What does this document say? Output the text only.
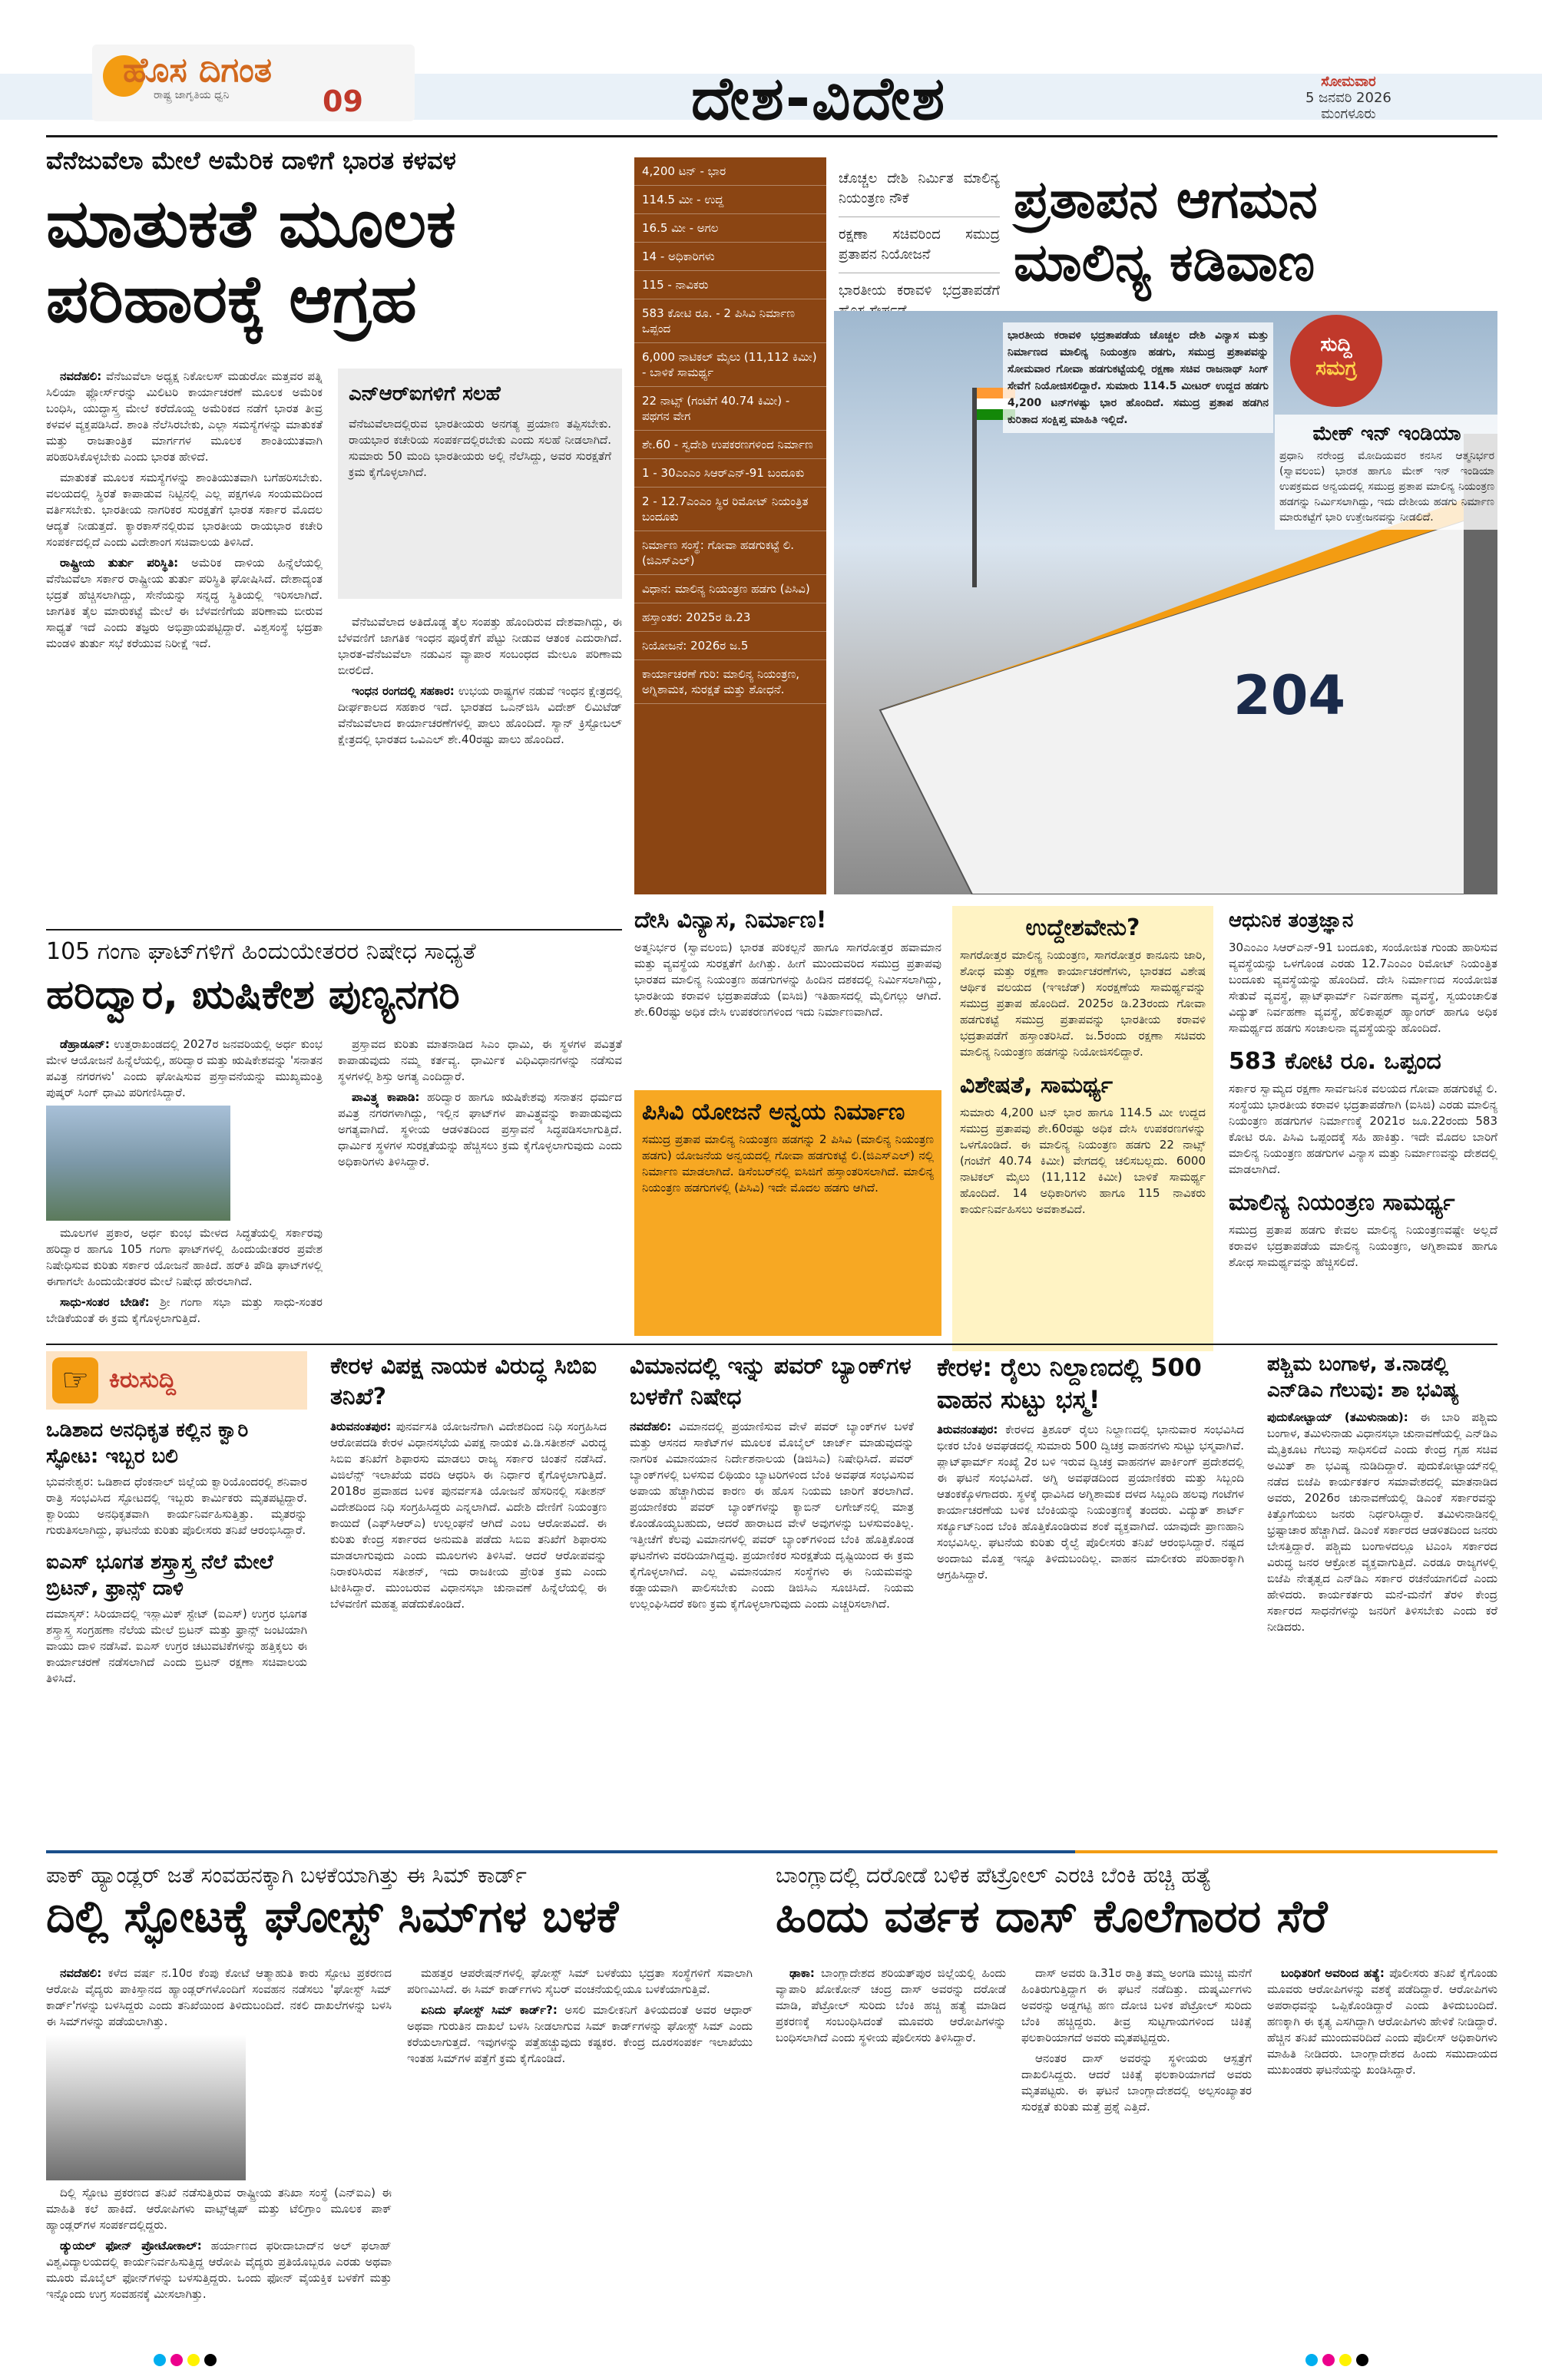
ಹೊಸ ದಿಗಂತ
ರಾಷ್ಟ್ರ ಜಾಗೃತಿಯ ಧ್ವನಿ	09	ದೇಶ-ವಿದೇಶ	ಸೋಮವಾರ
5 ಜನವರಿ 2026
ಮಂಗಳೂರು
ವೆನೆಜುವೆಲಾ ಮೇಲೆ ಅಮೆರಿಕ ದಾಳಿಗೆ ಭಾರತ ಕಳವಳ
ಮಾತುಕತೆ ಮೂಲಕ
ಪರಿಹಾರಕ್ಕೆ ಆಗ್ರಹ

ನವದೆಹಲಿ: ವೆನೆಜುವೆಲಾ ಅಧ್ಯಕ್ಷ ನಿಕೋಲಸ್ ಮಡುರೋ ಮತ್ತವರ ಪತ್ನಿ ಸಿಲಿಯಾ ಫ್ಲೋರ್ಸ್‌ರನ್ನು ಮಿಲಿಟರಿ ಕಾರ್ಯಾಚರಣೆ ಮೂಲಕ ಅಮೆರಿಕ ಬಂಧಿಸಿ, ಯುದ್ಧಾಸ್ತ್ರ ಮೇಲೆ ಕರೆದೊಯ್ದ ಅಮೆರಿಕದ ನಡೆಗೆ ಭಾರತ ತೀವ್ರ ಕಳವಳ ವ್ಯಕ್ತಪಡಿಸಿದೆ. ಶಾಂತಿ ನೆಲೆಸಿರಬೇಕು, ಎಲ್ಲಾ ಸಮಸ್ಯೆಗಳನ್ನು ಮಾತುಕತೆ ಮತ್ತು ರಾಜತಾಂತ್ರಿಕ ಮಾರ್ಗಗಳ ಮೂಲಕ ಶಾಂತಿಯುತವಾಗಿ ಪರಿಹರಿಸಿಕೊಳ್ಳಬೇಕು ಎಂದು ಭಾರತ ಹೇಳಿದೆ.

ಮಾತುಕತೆ ಮೂಲಕ ಸಮಸ್ಯೆಗಳನ್ನು ಶಾಂತಿಯುತವಾಗಿ ಬಗೆಹರಿಸಬೇಕು. ವಲಯದಲ್ಲಿ ಸ್ಥಿರತೆ ಕಾಪಾಡುವ ನಿಟ್ಟಿನಲ್ಲಿ ಎಲ್ಲ ಪಕ್ಷಗಳೂ ಸಂಯಮದಿಂದ ವರ್ತಿಸಬೇಕು. ಭಾರತೀಯ ನಾಗರಿಕರ ಸುರಕ್ಷತೆಗೆ ಭಾರತ ಸರ್ಕಾರ ಮೊದಲ ಆದ್ಯತೆ ನೀಡುತ್ತದೆ. ಕ್ಯಾರಕಾಸ್‌ನಲ್ಲಿರುವ ಭಾರತೀಯ ರಾಯಭಾರ ಕಚೇರಿ ಸಂಪರ್ಕದಲ್ಲಿದೆ ಎಂದು ವಿದೇಶಾಂಗ ಸಚಿವಾಲಯ ತಿಳಿಸಿದೆ.

ರಾಷ್ಟ್ರೀಯ ತುರ್ತು ಪರಿಸ್ಥಿತಿ: ಅಮೆರಿಕ ದಾಳಿಯ ಹಿನ್ನೆಲೆಯಲ್ಲಿ ವೆನೆಜುವೆಲಾ ಸರ್ಕಾರ ರಾಷ್ಟ್ರೀಯ ತುರ್ತು ಪರಿಸ್ಥಿತಿ ಘೋಷಿಸಿದೆ. ದೇಶಾದ್ಯಂತ ಭದ್ರತೆ ಹೆಚ್ಚಿಸಲಾಗಿದ್ದು, ಸೇನೆಯನ್ನು ಸನ್ನದ್ಧ ಸ್ಥಿತಿಯಲ್ಲಿ ಇರಿಸಲಾಗಿದೆ. ಜಾಗತಿಕ ತೈಲ ಮಾರುಕಟ್ಟೆ ಮೇಲೆ ಈ ಬೆಳವಣಿಗೆಯ ಪರಿಣಾಮ ಬೀರುವ ಸಾಧ್ಯತೆ ಇದೆ ಎಂದು ತಜ್ಞರು ಅಭಿಪ್ರಾಯಪಟ್ಟಿದ್ದಾರೆ. ವಿಶ್ವಸಂಸ್ಥೆ ಭದ್ರತಾ ಮಂಡಳಿ ತುರ್ತು ಸಭೆ ಕರೆಯುವ ನಿರೀಕ್ಷೆ ಇದೆ.

ಎನ್‌ಆರ್‌ಐಗಳಿಗೆ ಸಲಹೆ
ವೆನೆಜುವೆಲಾದಲ್ಲಿರುವ ಭಾರತೀಯರು ಅನಗತ್ಯ ಪ್ರಯಾಣ ತಪ್ಪಿಸಬೇಕು. ರಾಯಭಾರ ಕಚೇರಿಯ ಸಂಪರ್ಕದಲ್ಲಿರಬೇಕು ಎಂದು ಸಲಹೆ ನೀಡಲಾಗಿದೆ. ಸುಮಾರು 50 ಮಂದಿ ಭಾರತೀಯರು ಅಲ್ಲಿ ನೆಲೆಸಿದ್ದು, ಅವರ ಸುರಕ್ಷತೆಗೆ ಕ್ರಮ ಕೈಗೊಳ್ಳಲಾಗಿದೆ.

ವೆನೆಜುವೆಲಾದ ಅತಿದೊಡ್ಡ ತೈಲ ಸಂಪತ್ತು ಹೊಂದಿರುವ ದೇಶವಾಗಿದ್ದು, ಈ ಬೆಳವಣಿಗೆ ಜಾಗತಿಕ ಇಂಧನ ಪೂರೈಕೆಗೆ ಪೆಟ್ಟು ನೀಡುವ ಆತಂಕ ಎದುರಾಗಿದೆ. ಭಾರತ-ವೆನೆಜುವೆಲಾ ನಡುವಿನ ವ್ಯಾಪಾರ ಸಂಬಂಧದ ಮೇಲೂ ಪರಿಣಾಮ ಬೀರಲಿದೆ.

ಇಂಧನ ರಂಗದಲ್ಲಿ ಸಹಕಾರ: ಉಭಯ ರಾಷ್ಟ್ರಗಳ ನಡುವೆ ಇಂಧನ ಕ್ಷೇತ್ರದಲ್ಲಿ ದೀರ್ಘಕಾಲದ ಸಹಕಾರ ಇದೆ. ಭಾರತದ ಒಎನ್‌ಜಿಸಿ ವಿದೇಶ್ ಲಿಮಿಟೆಡ್ ವೆನೆಜುವೆಲಾದ ಕಾರ್ಯಾಚರಣೆಗಳಲ್ಲಿ ಪಾಲು ಹೊಂದಿದೆ. ಸ್ಯಾನ್ ಕ್ರಿಸ್ಟೋಬಲ್ ಕ್ಷೇತ್ರದಲ್ಲಿ ಭಾರತದ ಒವಿಎಲ್ ಶೇ.40ರಷ್ಟು ಪಾಲು ಹೊಂದಿದೆ.

4,200 ಟನ್ - ಭಾರ
114.5 ಮೀ - ಉದ್ದ
16.5 ಮೀ - ಅಗಲ
14 - ಅಧಿಕಾರಿಗಳು
115 - ನಾವಿಕರು
583 ಕೋಟಿ ರೂ. - 2 ಪಿಸಿವಿ ನಿರ್ಮಾಣ ಒಪ್ಪಂದ
6,000 ನಾಟಿಕಲ್ ಮೈಲು (11,112 ಕಿಮೀ) - ಬಾಳಿಕೆ ಸಾಮರ್ಥ್ಯ
22 ನಾಟ್ಸ್ (ಗಂಟೆಗೆ 40.74 ಕಿಮೀ) - ಪಥಗನ ವೇಗ
ಶೇ.60 - ಸ್ವದೇಶಿ ಉಪಕರಣಗಳಿಂದ ನಿರ್ಮಾಣ
1 - 30ಎಂಎಂ ಸಿಆರ್‌ಎನ್-91 ಬಂದೂಕು
2 - 12.7ಎಂಎಂ ಸ್ಥಿರ ರಿಮೋಟ್ ನಿಯಂತ್ರಿತ ಬಂದೂಕು
ನಿರ್ಮಾಣ ಸಂಸ್ಥೆ: ಗೋವಾ ಹಡಗುಕಟ್ಟೆ ಲಿ. (ಜಿಎಸ್‌ಎಲ್)
ವಿಧಾನ: ಮಾಲಿನ್ಯ ನಿಯಂತ್ರಣ ಹಡಗು (ಪಿಸಿವಿ)
ಹಸ್ತಾಂತರ: 2025ರ ಡಿ.23
ನಿಯೋಜನೆ: 2026ರ ಜ.5
ಕಾರ್ಯಾಚರಣೆ ಗುರಿ: ಮಾಲಿನ್ಯ ನಿಯಂತ್ರಣ, ಅಗ್ನಿಶಾಮಕ, ಸುರಕ್ಷತೆ ಮತ್ತು ಶೋಧನೆ.
ಚೊಚ್ಚಲ ದೇಶಿ ನಿರ್ಮಿತ ಮಾಲಿನ್ಯ ನಿಯಂತ್ರಣ ನೌಕೆ
ರಕ್ಷಣಾ ಸಚಿವರಿಂದ ಸಮುದ್ರ ಪ್ರತಾಪನ ನಿಯೋಜನೆ
ಭಾರತೀಯ ಕರಾವಳಿ ಭದ್ರತಾಪಡೆಗೆ
ಪ್ರತಾಪನ ಆಗಮನ
ಮಾಲಿನ್ಯ ಕಡಿವಾಣ
204
ಭಾರತೀಯ ಕರಾವಳಿ ಭದ್ರತಾಪಡೆಯ ಚೊಚ್ಚಲ ದೇಶಿ ವಿನ್ಯಾಸ ಮತ್ತು ನಿರ್ಮಾಣದ ಮಾಲಿನ್ಯ ನಿಯಂತ್ರಣ ಹಡಗು, ಸಮುದ್ರ ಪ್ರತಾಪವನ್ನು ಸೋಮವಾರ ಗೋವಾ ಹಡಗುಕಟ್ಟೆಯಲ್ಲಿ ರಕ್ಷಣಾ ಸಚಿವ ರಾಜನಾಥ್ ಸಿಂಗ್ ಸೇವೆಗೆ ನಿಯೋಜಿಸಲಿದ್ದಾರೆ. ಸುಮಾರು 114.5 ಮೀಟರ್ ಉದ್ದದ ಹಡಗು 4,200 ಟನ್‌ಗಳಷ್ಟು ಭಾರ ಹೊಂದಿದೆ. ಸಮುದ್ರ ಪ್ರತಾಪ ಹಡಗಿನ ಕುರಿತಾದ ಸಂಕ್ಷಿಪ್ತ ಮಾಹಿತಿ ಇಲ್ಲಿದೆ.
ಸುದ್ದಿ
ಸಮಗ್ರ
ಮೇಕ್ ಇನ್ ಇಂಡಿಯಾ
ಪ್ರಧಾನಿ ನರೇಂದ್ರ ಮೋದಿಯವರ ಕನಸಿನ ಆತ್ಮನಿರ್ಭರ (ಸ್ವಾವಲಂಬಿ) ಭಾರತ ಹಾಗೂ ಮೇಕ್ ಇನ್ ಇಂಡಿಯಾ ಉಪಕ್ರಮದ ಅನ್ವಯದಲ್ಲಿ ಸಮುದ್ರ ಪ್ರತಾಪ ಮಾಲಿನ್ಯ ನಿಯಂತ್ರಣ ಹಡಗನ್ನು ನಿರ್ಮಿಸಲಾಗಿದ್ದು, ಇದು ದೇಶೀಯ ಹಡಗು ನಿರ್ಮಾಣ ಮಾರುಕಟ್ಟೆಗೆ ಭಾರಿ ಉತ್ತೇಜನವನ್ನು ನೀಡಲಿದೆ.
ದೇಸಿ ವಿನ್ಯಾಸ, ನಿರ್ಮಾಣ!
ಅತ್ಮನಿರ್ಭರ (ಸ್ವಾವಲಂಬಿ) ಭಾರತ ಪರಿಕಲ್ಪನೆ ಹಾಗೂ ಸಾಗರೋತ್ತರ ಹವಾಮಾನ ಮತ್ತು ವ್ಯವಸ್ಥೆಯ ಸುರಕ್ಷತೆಗೆ ಹೀಗಿತ್ತು. ಹೀಗೆ ಮುಂದುವರಿದ ಸಮುದ್ರ ಪ್ರತಾಪವು ಭಾರತದ ಮಾಲಿನ್ಯ ನಿಯಂತ್ರಣ ಹಡಗುಗಳನ್ನು ಹಿಂದಿನ ದಶಕದಲ್ಲಿ ನಿರ್ಮಿಸಲಾಗಿದ್ದು, ಭಾರತೀಯ ಕರಾವಳಿ ಭದ್ರತಾಪಡೆಯ (ಐಸಿಜಿ) ಇತಿಹಾಸದಲ್ಲಿ ಮೈಲಿಗಲ್ಲು ಆಗಿದೆ. ಶೇ.60ರಷ್ಟು ಅಧಿಕ ದೇಸಿ ಉಪಕರಣಗಳಿಂದ ಇದು ನಿರ್ಮಾಣವಾಗಿದೆ.
ಪಿಸಿವಿ ಯೋಜನೆ ಅನ್ವಯ ನಿರ್ಮಾಣ
ಸಮುದ್ರ ಪ್ರತಾಪ ಮಾಲಿನ್ಯ ನಿಯಂತ್ರಣ ಹಡಗನ್ನು 2 ಪಿಸಿವಿ (ಮಾಲಿನ್ಯ ನಿಯಂತ್ರಣ ಹಡಗು) ಯೋಜನೆಯ ಅನ್ವಯದಲ್ಲಿ ಗೋವಾ ಹಡಗುಕಟ್ಟೆ ಲಿ.(ಜಿಎಸ್‌ಎಲ್) ನಲ್ಲಿ ನಿರ್ಮಾಣ ಮಾಡಲಾಗಿದೆ. ಡಿಸೆಂಬರ್‌ನಲ್ಲಿ ಐಸಿಜಿಗೆ ಹಸ್ತಾಂತರಿಸಲಾಗಿದೆ. ಮಾಲಿನ್ಯ ನಿಯಂತ್ರಣ ಹಡಗುಗಳಲ್ಲಿ (ಪಿಸಿವಿ) ಇದೇ ಮೊದಲ ಹಡಗು ಆಗಿದೆ.
ಉದ್ದೇಶವೇನು?
ಸಾಗರೋತ್ತರ ಮಾಲಿನ್ಯ ನಿಯಂತ್ರಣ, ಸಾಗರೋತ್ತರ ಕಾನೂನು ಜಾರಿ, ಶೋಧ ಮತ್ತು ರಕ್ಷಣಾ ಕಾರ್ಯಾಚರಣೆಗಳು, ಭಾರತದ ವಿಶೇಷ ಆರ್ಥಿಕ ವಲಯದ (ಇಇಜೆಡ್) ಸಂರಕ್ಷಣೆಯ ಸಾಮರ್ಥ್ಯವನ್ನು ಸಮುದ್ರ ಪ್ರತಾಪ ಹೊಂದಿದೆ. 2025ರ ಡಿ.23ರಂದು ಗೋವಾ ಹಡಗುಕಟ್ಟೆ ಸಮುದ್ರ ಪ್ರತಾಪವನ್ನು ಭಾರತೀಯ ಕರಾವಳಿ ಭದ್ರತಾಪಡೆಗೆ ಹಸ್ತಾಂತರಿಸಿದೆ. ಜ.5ರಂದು ರಕ್ಷಣಾ ಸಚಿವರು ಮಾಲಿನ್ಯ ನಿಯಂತ್ರಣ ಹಡಗನ್ನು ನಿಯೋಜಿಸಲಿದ್ದಾರೆ.
ವಿಶೇಷತೆ, ಸಾಮರ್ಥ್ಯ
ಸುಮಾರು 4,200 ಟನ್ ಭಾರ ಹಾಗೂ 114.5 ಮೀ ಉದ್ದದ ಸಮುದ್ರ ಪ್ರತಾಪವು ಶೇ.60ರಷ್ಟು ಅಧಿಕ ದೇಸಿ ಉಪಕರಣಗಳನ್ನು ಒಳಗೊಂಡಿದೆ. ಈ ಮಾಲಿನ್ಯ ನಿಯಂತ್ರಣ ಹಡಗು 22 ನಾಟ್ಸ್ (ಗಂಟೆಗೆ 40.74 ಕಿಮೀ) ವೇಗದಲ್ಲಿ ಚಲಿಸಬಲ್ಲದು. 6000 ನಾಟಿಕಲ್ ಮೈಲು (11,112 ಕಿಮೀ) ಬಾಳಿಕೆ ಸಾಮರ್ಥ್ಯ ಹೊಂದಿದೆ. 14 ಅಧಿಕಾರಿಗಳು ಹಾಗೂ 115 ನಾವಿಕರು ಕಾರ್ಯನಿರ್ವಹಿಸಲು ಅವಕಾಶವಿದೆ.
ಆಧುನಿಕ ತಂತ್ರಜ್ಞಾನ
30ಎಂಎಂ ಸಿಆರ್‌ಎನ್-91 ಬಂದೂಕು, ಸಂಯೋಜಿತ ಗುಂಡು ಹಾರಿಸುವ ವ್ಯವಸ್ಥೆಯನ್ನು ಒಳಗೊಂಡ ಎರಡು 12.7ಎಂಎಂ ರಿಮೋಟ್ ನಿಯಂತ್ರಿತ ಬಂದೂಕು ವ್ಯವಸ್ಥೆಯನ್ನು ಹೊಂದಿದೆ. ದೇಸಿ ನಿರ್ಮಾಣದ ಸಂಯೋಜಿತ ಸೇತುವೆ ವ್ಯವಸ್ಥೆ, ಪ್ಲಾಟ್‌ಫಾರ್ಮ್ ನಿರ್ವಹಣಾ ವ್ಯವಸ್ಥೆ, ಸ್ವಯಂಚಾಲಿತ ವಿದ್ಯುತ್ ನಿರ್ವಹಣಾ ವ್ಯವಸ್ಥೆ, ಹೆಲಿಕಾಪ್ಟರ್ ಹ್ಯಾಂಗರ್ ಹಾಗೂ ಅಧಿಕ ಸಾಮರ್ಥ್ಯದ ಹಡಗು ಸಂಚಾಲನಾ ವ್ಯವಸ್ಥೆಯನ್ನು ಹೊಂದಿದೆ.
583 ಕೋಟಿ ರೂ. ಒಪ್ಪಂದ
ಸರ್ಕಾರ ಸ್ವಾಮ್ಯದ ರಕ್ಷಣಾ ಸಾರ್ವಜನಿಕ ವಲಯದ ಗೋವಾ ಹಡಗುಕಟ್ಟೆ ಲಿ. ಸಂಸ್ಥೆಯು ಭಾರತೀಯ ಕರಾವಳಿ ಭದ್ರತಾಪಡೆಗಾಗಿ (ಐಸಿಜಿ) ಎರಡು ಮಾಲಿನ್ಯ ನಿಯಂತ್ರಣ ಹಡಗುಗಳ ನಿರ್ಮಾಣಕ್ಕೆ 2021ರ ಜೂ.22ರಂದು 583 ಕೋಟಿ ರೂ. ಪಿಸಿವಿ ಒಪ್ಪಂದಕ್ಕೆ ಸಹಿ ಹಾಕಿತ್ತು. ಇದೇ ಮೊದಲ ಬಾರಿಗೆ ಮಾಲಿನ್ಯ ನಿಯಂತ್ರಣ ಹಡಗುಗಳ ವಿನ್ಯಾಸ ಮತ್ತು ನಿರ್ಮಾಣವನ್ನು ದೇಶದಲ್ಲಿ ಮಾಡಲಾಗಿದೆ.
ಮಾಲಿನ್ಯ ನಿಯಂತ್ರಣ ಸಾಮರ್ಥ್ಯ
ಸಮುದ್ರ ಪ್ರತಾಪ ಹಡಗು ಕೇವಲ ಮಾಲಿನ್ಯ ನಿಯಂತ್ರಣವಷ್ಟೇ ಅಲ್ಲದೆ ಕರಾವಳಿ ಭದ್ರತಾಪಡೆಯ ಮಾಲಿನ್ಯ ನಿಯಂತ್ರಣ, ಅಗ್ನಿಶಾಮಕ ಹಾಗೂ ಶೋಧ ಸಾಮರ್ಥ್ಯವನ್ನು ಹೆಚ್ಚಿಸಲಿದೆ.
105 ಗಂಗಾ ಘಾಟ್‌ಗಳಿಗೆ ಹಿಂದುಯೇತರರ ನಿಷೇಧ ಸಾಧ್ಯತೆ
ಹರಿದ್ವಾರ, ಋಷಿಕೇಶ ಪುಣ್ಯನಗರಿ

ಡೆಹ್ರಾಡೂನ್: ಉತ್ತರಾಖಂಡದಲ್ಲಿ 2027ರ ಜನವರಿಯಲ್ಲಿ ಅರ್ಧ ಕುಂಭ ಮೇಳ ಆಯೋಜನೆ ಹಿನ್ನೆಲೆಯಲ್ಲಿ, ಹರಿದ್ವಾರ ಮತ್ತು ಋಷಿಕೇಶವನ್ನು 'ಸನಾತನ ಪವಿತ್ರ ನಗರಗಳು' ಎಂದು ಘೋಷಿಸುವ ಪ್ರಸ್ತಾವನೆಯನ್ನು ಮುಖ್ಯಮಂತ್ರಿ ಪುಷ್ಕರ್ ಸಿಂಗ್ ಧಾಮಿ ಪರಿಗಣಿಸಿದ್ದಾರೆ.

ಮೂಲಗಳ ಪ್ರಕಾರ, ಅರ್ಧ ಕುಂಭ ಮೇಳದ ಸಿದ್ಧತೆಯಲ್ಲಿ ಸರ್ಕಾರವು ಹರಿದ್ವಾರ ಹಾಗೂ 105 ಗಂಗಾ ಘಾಟ್‌ಗಳಲ್ಲಿ ಹಿಂದುಯೇತರರ ಪ್ರವೇಶ ನಿಷೇಧಿಸುವ ಕುರಿತು ಸರ್ಕಾರ ಯೋಜನೆ ಹಾಕಿದೆ. ಹರ್‌ಕಿ ಪೌಡಿ ಘಾಟ್‌ಗಳಲ್ಲಿ ಈಗಾಗಲೇ ಹಿಂದುಯೇತರರ ಮೇಲೆ ನಿಷೇಧ ಹೇರಲಾಗಿದೆ.

ಸಾಧು-ಸಂತರ ಬೇಡಿಕೆ: ಶ್ರೀ ಗಂಗಾ ಸಭಾ ಮತ್ತು ಸಾಧು-ಸಂತರ ಬೇಡಿಕೆಯಂತೆ ಈ ಕ್ರಮ ಕೈಗೊಳ್ಳಲಾಗುತ್ತಿದೆ.

ಪ್ರಸ್ತಾವದ ಕುರಿತು ಮಾತನಾಡಿದ ಸಿಎಂ ಧಾಮಿ, ಈ ಸ್ಥಳಗಳ ಪವಿತ್ರತೆ ಕಾಪಾಡುವುದು ನಮ್ಮ ಕರ್ತವ್ಯ. ಧಾರ್ಮಿಕ ವಿಧಿವಿಧಾನಗಳನ್ನು ನಡೆಸುವ ಸ್ಥಳಗಳಲ್ಲಿ ಶಿಸ್ತು ಅಗತ್ಯ ಎಂದಿದ್ದಾರೆ.

ಪಾವಿತ್ರ್ಯ ಕಾಪಾಡಿ: ಹರಿದ್ವಾರ ಹಾಗೂ ಋಷಿಕೇಶವು ಸನಾತನ ಧರ್ಮದ ಪವಿತ್ರ ನಗರಗಳಾಗಿದ್ದು, ಇಲ್ಲಿನ ಘಾಟ್‌ಗಳ ಪಾವಿತ್ರ್ಯವನ್ನು ಕಾಪಾಡುವುದು ಅಗತ್ಯವಾಗಿದೆ. ಸ್ಥಳೀಯ ಆಡಳಿತದಿಂದ ಪ್ರಸ್ತಾವನೆ ಸಿದ್ಧಪಡಿಸಲಾಗುತ್ತಿದೆ. ಧಾರ್ಮಿಕ ಸ್ಥಳಗಳ ಸುರಕ್ಷತೆಯನ್ನು ಹೆಚ್ಚಿಸಲು ಕ್ರಮ ಕೈಗೊಳ್ಳಲಾಗುವುದು ಎಂದು ಅಧಿಕಾರಿಗಳು ತಿಳಿಸಿದ್ದಾರೆ.

☞ ಕಿರುಸುದ್ದಿ
ಒಡಿಶಾದ ಅನಧಿಕೃತ ಕಲ್ಲಿನ ಕ್ವಾರಿ ಸ್ಫೋಟ: ಇಬ್ಬರ ಬಲಿ
ಭುವನೇಶ್ವರ: ಒಡಿಶಾದ ಧೆಂಕನಾಲ್ ಜಿಲ್ಲೆಯ ಕ್ವಾರಿಯೊಂದರಲ್ಲಿ ಶನಿವಾರ ರಾತ್ರಿ ಸಂಭವಿಸಿದ ಸ್ಫೋಟದಲ್ಲಿ ಇಬ್ಬರು ಕಾರ್ಮಿಕರು ಮೃತಪಟ್ಟಿದ್ದಾರೆ. ಕ್ವಾರಿಯು ಅನಧಿಕೃತವಾಗಿ ಕಾರ್ಯನಿರ್ವಹಿಸುತ್ತಿತ್ತು. ಮೃತರನ್ನು ಗುರುತಿಸಲಾಗಿದ್ದು, ಘಟನೆಯ ಕುರಿತು ಪೊಲೀಸರು ತನಿಖೆ ಆರಂಭಿಸಿದ್ದಾರೆ.
ಐಎಸ್ ಭೂಗತ ಶಸ್ತ್ರಾಸ್ತ್ರ ನೆಲೆ ಮೇಲೆ ಬ್ರಿಟನ್, ಫ್ರಾನ್ಸ್ ದಾಳಿ
ದಮಾಸ್ಕಸ್: ಸಿರಿಯಾದಲ್ಲಿ ಇಸ್ಲಾಮಿಕ್ ಸ್ಟೇಟ್ (ಐಎಸ್) ಉಗ್ರರ ಭೂಗತ ಶಸ್ತ್ರಾಸ್ತ್ರ ಸಂಗ್ರಹಣಾ ನೆಲೆಯ ಮೇಲೆ ಬ್ರಿಟನ್ ಮತ್ತು ಫ್ರಾನ್ಸ್ ಜಂಟಿಯಾಗಿ ವಾಯು ದಾಳಿ ನಡೆಸಿವೆ. ಐಎಸ್ ಉಗ್ರರ ಚಟುವಟಿಕೆಗಳನ್ನು ಹತ್ತಿಕ್ಕಲು ಈ ಕಾರ್ಯಾಚರಣೆ ನಡೆಸಲಾಗಿದೆ ಎಂದು ಬ್ರಿಟನ್ ರಕ್ಷಣಾ ಸಚಿವಾಲಯ ತಿಳಿಸಿದೆ.
ಕೇರಳ ವಿಪಕ್ಷ ನಾಯಕ ವಿರುದ್ಧ ಸಿಬಿಐ ತನಿಖೆ?
ತಿರುವನಂತಪುರ: ಪುನರ್ವಸತಿ ಯೋಜನೆಗಾಗಿ ವಿದೇಶದಿಂದ ನಿಧಿ ಸಂಗ್ರಹಿಸಿದ ಆರೋಪದಡಿ ಕೇರಳ ವಿಧಾನಸಭೆಯ ವಿಪಕ್ಷ ನಾಯಕ ವಿ.ಡಿ.ಸತೀಶನ್ ವಿರುದ್ಧ ಸಿಬಿಐ ತನಿಖೆಗೆ ಶಿಫಾರಸು ಮಾಡಲು ರಾಜ್ಯ ಸರ್ಕಾರ ಚಿಂತನೆ ನಡೆಸಿದೆ. ವಿಜಿಲೆನ್ಸ್ ಇಲಾಖೆಯ ವರದಿ ಆಧರಿಸಿ ಈ ನಿರ್ಧಾರ ಕೈಗೊಳ್ಳಲಾಗುತ್ತಿದೆ. 2018ರ ಪ್ರವಾಹದ ಬಳಿಕ ಪುನರ್ವಸತಿ ಯೋಜನೆ ಹೆಸರಿನಲ್ಲಿ ಸತೀಶನ್ ವಿದೇಶದಿಂದ ನಿಧಿ ಸಂಗ್ರಹಿಸಿದ್ದರು ಎನ್ನಲಾಗಿದೆ. ವಿದೇಶಿ ದೇಣಿಗೆ ನಿಯಂತ್ರಣ ಕಾಯಿದೆ (ಎಫ್‌ಸಿಆರ್‌ಎ) ಉಲ್ಲಂಘನೆ ಆಗಿದೆ ಎಂಬ ಆರೋಪವಿದೆ. ಈ ಕುರಿತು ಕೇಂದ್ರ ಸರ್ಕಾರದ ಅನುಮತಿ ಪಡೆದು ಸಿಬಿಐ ತನಿಖೆಗೆ ಶಿಫಾರಸು ಮಾಡಲಾಗುವುದು ಎಂದು ಮೂಲಗಳು ತಿಳಿಸಿವೆ. ಆದರೆ ಆರೋಪವನ್ನು ನಿರಾಕರಿಸಿರುವ ಸತೀಶನ್, ಇದು ರಾಜಕೀಯ ಪ್ರೇರಿತ ಕ್ರಮ ಎಂದು ಟೀಕಿಸಿದ್ದಾರೆ. ಮುಂಬರುವ ವಿಧಾನಸಭಾ ಚುನಾವಣೆ ಹಿನ್ನೆಲೆಯಲ್ಲಿ ಈ ಬೆಳವಣಿಗೆ ಮಹತ್ವ ಪಡೆದುಕೊಂಡಿದೆ.
ವಿಮಾನದಲ್ಲಿ ಇನ್ನು ಪವರ್ ಬ್ಯಾಂಕ್‌ಗಳ ಬಳಕೆಗೆ ನಿಷೇಧ
ನವದೆಹಲಿ: ವಿಮಾನದಲ್ಲಿ ಪ್ರಯಾಣಿಸುವ ವೇಳೆ ಪವರ್ ಬ್ಯಾಂಕ್‌ಗಳ ಬಳಕೆ ಮತ್ತು ಆಸನದ ಸಾಕೆಟ್‌ಗಳ ಮೂಲಕ ಮೊಬೈಲ್ ಚಾರ್ಜ್ ಮಾಡುವುದನ್ನು ನಾಗರಿಕ ವಿಮಾನಯಾನ ನಿರ್ದೇಶನಾಲಯ (ಡಿಜಿಸಿಎ) ನಿಷೇಧಿಸಿದೆ. ಪವರ್ ಬ್ಯಾಂಕ್‌ಗಳಲ್ಲಿ ಬಳಸುವ ಲಿಥಿಯಂ ಬ್ಯಾಟರಿಗಳಿಂದ ಬೆಂಕಿ ಅವಘಡ ಸಂಭವಿಸುವ ಅಪಾಯ ಹೆಚ್ಚಾಗಿರುವ ಕಾರಣ ಈ ಹೊಸ ನಿಯಮ ಜಾರಿಗೆ ತರಲಾಗಿದೆ. ಪ್ರಯಾಣಿಕರು ಪವರ್ ಬ್ಯಾಂಕ್‌ಗಳನ್ನು ಕ್ಯಾಬಿನ್ ಲಗೇಜ್‌ನಲ್ಲಿ ಮಾತ್ರ ಕೊಂಡೊಯ್ಯಬಹುದು, ಆದರೆ ಹಾರಾಟದ ವೇಳೆ ಅವುಗಳನ್ನು ಬಳಸುವಂತಿಲ್ಲ. ಇತ್ತೀಚೆಗೆ ಕೆಲವು ವಿಮಾನಗಳಲ್ಲಿ ಪವರ್ ಬ್ಯಾಂಕ್‌ಗಳಿಂದ ಬೆಂಕಿ ಹೊತ್ತಿಕೊಂಡ ಘಟನೆಗಳು ವರದಿಯಾಗಿದ್ದವು. ಪ್ರಯಾಣಿಕರ ಸುರಕ್ಷತೆಯ ದೃಷ್ಟಿಯಿಂದ ಈ ಕ್ರಮ ಕೈಗೊಳ್ಳಲಾಗಿದೆ. ಎಲ್ಲ ವಿಮಾನಯಾನ ಸಂಸ್ಥೆಗಳು ಈ ನಿಯಮವನ್ನು ಕಡ್ಡಾಯವಾಗಿ ಪಾಲಿಸಬೇಕು ಎಂದು ಡಿಜಿಸಿಎ ಸೂಚಿಸಿದೆ. ನಿಯಮ ಉಲ್ಲಂಘಿಸಿದರೆ ಕಠಿಣ ಕ್ರಮ ಕೈಗೊಳ್ಳಲಾಗುವುದು ಎಂದು ಎಚ್ಚರಿಸಲಾಗಿದೆ.
ಕೇರಳ: ರೈಲು ನಿಲ್ದಾಣದಲ್ಲಿ 500 ವಾಹನ ಸುಟ್ಟು ಭಸ್ಮ!
ತಿರುವನಂತಪುರ: ಕೇರಳದ ತ್ರಿಶೂರ್ ರೈಲು ನಿಲ್ದಾಣದಲ್ಲಿ ಭಾನುವಾರ ಸಂಭವಿಸಿದ ಭೀಕರ ಬೆಂಕಿ ಅವಘಡದಲ್ಲಿ ಸುಮಾರು 500 ದ್ವಿಚಕ್ರ ವಾಹನಗಳು ಸುಟ್ಟು ಭಸ್ಮವಾಗಿವೆ. ಪ್ಲಾಟ್‌ಫಾರ್ಮ್ ಸಂಖ್ಯೆ 2ರ ಬಳಿ ಇರುವ ದ್ವಿಚಕ್ರ ವಾಹನಗಳ ಪಾರ್ಕಿಂಗ್ ಪ್ರದೇಶದಲ್ಲಿ ಈ ಘಟನೆ ಸಂಭವಿಸಿದೆ. ಅಗ್ನಿ ಅವಘಡದಿಂದ ಪ್ರಯಾಣಿಕರು ಮತ್ತು ಸಿಬ್ಬಂದಿ ಆತಂಕಕ್ಕೊಳಗಾದರು. ಸ್ಥಳಕ್ಕೆ ಧಾವಿಸಿದ ಅಗ್ನಿಶಾಮಕ ದಳದ ಸಿಬ್ಬಂದಿ ಹಲವು ಗಂಟೆಗಳ ಕಾರ್ಯಾಚರಣೆಯ ಬಳಿಕ ಬೆಂಕಿಯನ್ನು ನಿಯಂತ್ರಣಕ್ಕೆ ತಂದರು. ವಿದ್ಯುತ್ ಶಾರ್ಟ್ ಸರ್ಕ್ಯೂಟ್‌ನಿಂದ ಬೆಂಕಿ ಹೊತ್ತಿಕೊಂಡಿರುವ ಶಂಕೆ ವ್ಯಕ್ತವಾಗಿದೆ. ಯಾವುದೇ ಪ್ರಾಣಹಾನಿ ಸಂಭವಿಸಿಲ್ಲ. ಘಟನೆಯ ಕುರಿತು ರೈಲ್ವೆ ಪೊಲೀಸರು ತನಿಖೆ ಆರಂಭಿಸಿದ್ದಾರೆ. ನಷ್ಟದ ಅಂದಾಜು ಮೊತ್ತ ಇನ್ನೂ ತಿಳಿದುಬಂದಿಲ್ಲ. ವಾಹನ ಮಾಲೀಕರು ಪರಿಹಾರಕ್ಕಾಗಿ ಆಗ್ರಹಿಸಿದ್ದಾರೆ.
ಪಶ್ಚಿಮ ಬಂಗಾಳ, ತ.ನಾಡಲ್ಲಿ ಎನ್‌ಡಿಎ ಗೆಲುವು: ಶಾ ಭವಿಷ್ಯ
ಪುದುಕೋಟ್ಟಾಯ್ (ತಮಿಳುನಾಡು): ಈ ಬಾರಿ ಪಶ್ಚಿಮ ಬಂಗಾಳ, ತಮಿಳುನಾಡು ವಿಧಾನಸಭಾ ಚುನಾವಣೆಯಲ್ಲಿ ಎನ್‌ಡಿಎ ಮೈತ್ರಿಕೂಟ ಗೆಲುವು ಸಾಧಿಸಲಿದೆ ಎಂದು ಕೇಂದ್ರ ಗೃಹ ಸಚಿವ ಅಮಿತ್ ಶಾ ಭವಿಷ್ಯ ನುಡಿದಿದ್ದಾರೆ. ಪುದುಕೋಟ್ಟಾಯ್‌ನಲ್ಲಿ ನಡೆದ ಬಿಜೆಪಿ ಕಾರ್ಯಕರ್ತರ ಸಮಾವೇಶದಲ್ಲಿ ಮಾತನಾಡಿದ ಅವರು, 2026ರ ಚುನಾವಣೆಯಲ್ಲಿ ಡಿಎಂಕೆ ಸರ್ಕಾರವನ್ನು ಕಿತ್ತೊಗೆಯಲು ಜನರು ನಿರ್ಧರಿಸಿದ್ದಾರೆ. ತಮಿಳುನಾಡಿನಲ್ಲಿ ಭ್ರಷ್ಟಾಚಾರ ಹೆಚ್ಚಾಗಿದೆ. ಡಿಎಂಕೆ ಸರ್ಕಾರದ ಆಡಳಿತದಿಂದ ಜನರು ಬೇಸತ್ತಿದ್ದಾರೆ. ಪಶ್ಚಿಮ ಬಂಗಾಳದಲ್ಲೂ ಟಿಎಂಸಿ ಸರ್ಕಾರದ ವಿರುದ್ಧ ಜನರ ಆಕ್ರೋಶ ವ್ಯಕ್ತವಾಗುತ್ತಿದೆ. ಎರಡೂ ರಾಜ್ಯಗಳಲ್ಲಿ ಬಿಜೆಪಿ ನೇತೃತ್ವದ ಎನ್‌ಡಿಎ ಸರ್ಕಾರ ರಚನೆಯಾಗಲಿದೆ ಎಂದು ಹೇಳಿದರು. ಕಾರ್ಯಕರ್ತರು ಮನೆ-ಮನೆಗೆ ತೆರಳಿ ಕೇಂದ್ರ ಸರ್ಕಾರದ ಸಾಧನೆಗಳನ್ನು ಜನರಿಗೆ ತಿಳಿಸಬೇಕು ಎಂದು ಕರೆ ನೀಡಿದರು.
ಪಾಕ್ ಹ್ಯಾಂಡ್ಲರ್ ಜತೆ ಸಂವಹನಕ್ಕಾಗಿ ಬಳಕೆಯಾಗಿತ್ತು ಈ ಸಿಮ್ ಕಾರ್ಡ್
ದಿಲ್ಲಿ ಸ್ಫೋಟಕ್ಕೆ ಘೋಸ್ಟ್ ಸಿಮ್‌ಗಳ ಬಳಕೆ

ನವದೆಹಲಿ: ಕಳೆದ ವರ್ಷ ನ.10ರ ಕೆಂಪು ಕೋಟೆ ಆತ್ಮಾಹುತಿ ಕಾರು ಸ್ಫೋಟ ಪ್ರಕರಣದ ಆರೋಪಿ ವೈದ್ಯರು ಪಾಕಿಸ್ತಾನದ ಹ್ಯಾಂಡ್ಲರ್‌ಗಳೊಂದಿಗೆ ಸಂವಹನ ನಡೆಸಲು 'ಘೋಸ್ಟ್ ಸಿಮ್ ಕಾರ್ಡ್'ಗಳನ್ನು ಬಳಸಿದ್ದರು ಎಂದು ತನಿಖೆಯಿಂದ ತಿಳಿದುಬಂದಿದೆ. ನಕಲಿ ದಾಖಲೆಗಳನ್ನು ಬಳಸಿ ಈ ಸಿಮ್‌ಗಳನ್ನು ಪಡೆಯಲಾಗಿತ್ತು.

ದಿಲ್ಲಿ ಸ್ಫೋಟ ಪ್ರಕರಣದ ತನಿಖೆ ನಡೆಸುತ್ತಿರುವ ರಾಷ್ಟ್ರೀಯ ತನಿಖಾ ಸಂಸ್ಥೆ (ಎನ್‌ಐಎ) ಈ ಮಾಹಿತಿ ಕಲೆ ಹಾಕಿದೆ. ಆರೋಪಿಗಳು ವಾಟ್ಸ್ಆ್ಯಪ್ ಮತ್ತು ಟೆಲಿಗ್ರಾಂ ಮೂಲಕ ಪಾಕ್ ಹ್ಯಾಂಡ್ಲರ್‌ಗಳ ಸಂಪರ್ಕದಲ್ಲಿದ್ದರು.

ಡ್ಯುಯಲ್ ಫೋನ್ ಪ್ರೋಟೋಕಾಲ್: ಹರ್ಯಾಣದ ಫರೀದಾಬಾದ್‌ನ ಅಲ್ ಫಲಾಹ್ ವಿಶ್ವವಿದ್ಯಾಲಯದಲ್ಲಿ ಕಾರ್ಯನಿರ್ವಹಿಸುತ್ತಿದ್ದ ಆರೋಪಿ ವೈದ್ಯರು ಪ್ರತಿಯೊಬ್ಬರೂ ಎರಡು ಅಥವಾ ಮೂರು ಮೊಬೈಲ್ ಫೋನ್‌ಗಳನ್ನು ಬಳಸುತ್ತಿದ್ದರು. ಒಂದು ಫೋನ್ ವೈಯಕ್ತಿಕ ಬಳಕೆಗೆ ಮತ್ತು ಇನ್ನೊಂದು ಉಗ್ರ ಸಂವಹನಕ್ಕೆ ಮೀಸಲಾಗಿತ್ತು.

ಮಹತ್ತರ ಆಪರೇಷನ್‌ಗಳಲ್ಲಿ ಘೋಸ್ಟ್ ಸಿಮ್ ಬಳಕೆಯು ಭದ್ರತಾ ಸಂಸ್ಥೆಗಳಿಗೆ ಸವಾಲಾಗಿ ಪರಿಣಮಿಸಿದೆ. ಈ ಸಿಮ್ ಕಾರ್ಡ್‌ಗಳು ಸೈಬರ್ ವಂಚನೆಯಲ್ಲಿಯೂ ಬಳಕೆಯಾಗುತ್ತಿವೆ.

ಏನಿದು ಘೋಸ್ಟ್ ಸಿಮ್ ಕಾರ್ಡ್?: ಅಸಲಿ ಮಾಲೀಕನಿಗೆ ತಿಳಿಯದಂತೆ ಅವರ ಆಧಾರ್ ಅಥವಾ ಗುರುತಿನ ದಾಖಲೆ ಬಳಸಿ ನೀಡಲಾಗುವ ಸಿಮ್ ಕಾರ್ಡ್‌ಗಳನ್ನು ಘೋಸ್ಟ್ ಸಿಮ್ ಎಂದು ಕರೆಯಲಾಗುತ್ತದೆ. ಇವುಗಳನ್ನು ಪತ್ತೆಹಚ್ಚುವುದು ಕಷ್ಟಕರ. ಕೇಂದ್ರ ದೂರಸಂಪರ್ಕ ಇಲಾಖೆಯು ಇಂತಹ ಸಿಮ್‌ಗಳ ಪತ್ತೆಗೆ ಕ್ರಮ ಕೈಗೊಂಡಿದೆ.

ಬಾಂಗ್ಲಾದಲ್ಲಿ ದರೋಡೆ ಬಳಿಕ ಪೆಟ್ರೋಲ್ ಎರಚಿ ಬೆಂಕಿ ಹಚ್ಚಿ ಹತ್ಯೆ
ಹಿಂದು ವರ್ತಕ ದಾಸ್ ಕೊಲೆಗಾರರ ಸೆರೆ

ಢಾಕಾ: ಬಾಂಗ್ಲಾದೇಶದ ಶರಿಯತ್‌ಪುರ ಜಿಲ್ಲೆಯಲ್ಲಿ ಹಿಂದು ವ್ಯಾಪಾರಿ ಖೋಕೋನ್ ಚಂದ್ರ ದಾಸ್ ಅವರನ್ನು ದರೋಡೆ ಮಾಡಿ, ಪೆಟ್ರೋಲ್ ಸುರಿದು ಬೆಂಕಿ ಹಚ್ಚಿ ಹತ್ಯೆ ಮಾಡಿದ ಪ್ರಕರಣಕ್ಕೆ ಸಂಬಂಧಿಸಿದಂತೆ ಮೂವರು ಆರೋಪಿಗಳನ್ನು ಬಂಧಿಸಲಾಗಿದೆ ಎಂದು ಸ್ಥಳೀಯ ಪೊಲೀಸರು ತಿಳಿಸಿದ್ದಾರೆ.

ದಾಸ್ ಅವರು ಡಿ.31ರ ರಾತ್ರಿ ತಮ್ಮ ಅಂಗಡಿ ಮುಚ್ಚಿ ಮನೆಗೆ ಹಿಂತಿರುಗುತ್ತಿದ್ದಾಗ ಈ ಘಟನೆ ನಡೆದಿತ್ತು. ದುಷ್ಕರ್ಮಿಗಳು ಅವರನ್ನು ಅಡ್ಡಗಟ್ಟಿ ಹಣ ದೋಚಿ ಬಳಿಕ ಪೆಟ್ರೋಲ್ ಸುರಿದು ಬೆಂಕಿ ಹಚ್ಚಿದ್ದರು. ತೀವ್ರ ಸುಟ್ಟಗಾಯಗಳಿಂದ ಚಿಕಿತ್ಸೆ ಫಲಕಾರಿಯಾಗದೆ ಅವರು ಮೃತಪಟ್ಟಿದ್ದರು.

ಆನಂತರ ದಾಸ್ ಅವರನ್ನು ಸ್ಥಳೀಯರು ಆಸ್ಪತ್ರೆಗೆ ದಾಖಲಿಸಿದ್ದರು. ಆದರೆ ಚಿಕಿತ್ಸೆ ಫಲಕಾರಿಯಾಗದೆ ಅವರು ಮೃತಪಟ್ಟರು. ಈ ಘಟನೆ ಬಾಂಗ್ಲಾದೇಶದಲ್ಲಿ ಅಲ್ಪಸಂಖ್ಯಾತರ ಸುರಕ್ಷತೆ ಕುರಿತು ಮತ್ತೆ ಪ್ರಶ್ನೆ ಎತ್ತಿದೆ.

ಬಂಧಿತರಿಗೆ ಅವರಿಂದ ಹತ್ಯೆ: ಪೊಲೀಸರು ತನಿಖೆ ಕೈಗೊಂಡು ಮೂವರು ಆರೋಪಿಗಳನ್ನು ವಶಕ್ಕೆ ಪಡೆದಿದ್ದಾರೆ. ಆರೋಪಿಗಳು ಅಪರಾಧವನ್ನು ಒಪ್ಪಿಕೊಂಡಿದ್ದಾರೆ ಎಂದು ತಿಳಿದುಬಂದಿದೆ. ಹಣಕ್ಕಾಗಿ ಈ ಕೃತ್ಯ ಎಸಗಿದ್ದಾಗಿ ಆರೋಪಿಗಳು ಹೇಳಿಕೆ ನೀಡಿದ್ದಾರೆ. ಹೆಚ್ಚಿನ ತನಿಖೆ ಮುಂದುವರಿದಿದೆ ಎಂದು ಪೊಲೀಸ್ ಅಧಿಕಾರಿಗಳು ಮಾಹಿತಿ ನೀಡಿದರು. ಬಾಂಗ್ಲಾದೇಶದ ಹಿಂದು ಸಮುದಾಯದ ಮುಖಂಡರು ಘಟನೆಯನ್ನು ಖಂಡಿಸಿದ್ದಾರೆ.
